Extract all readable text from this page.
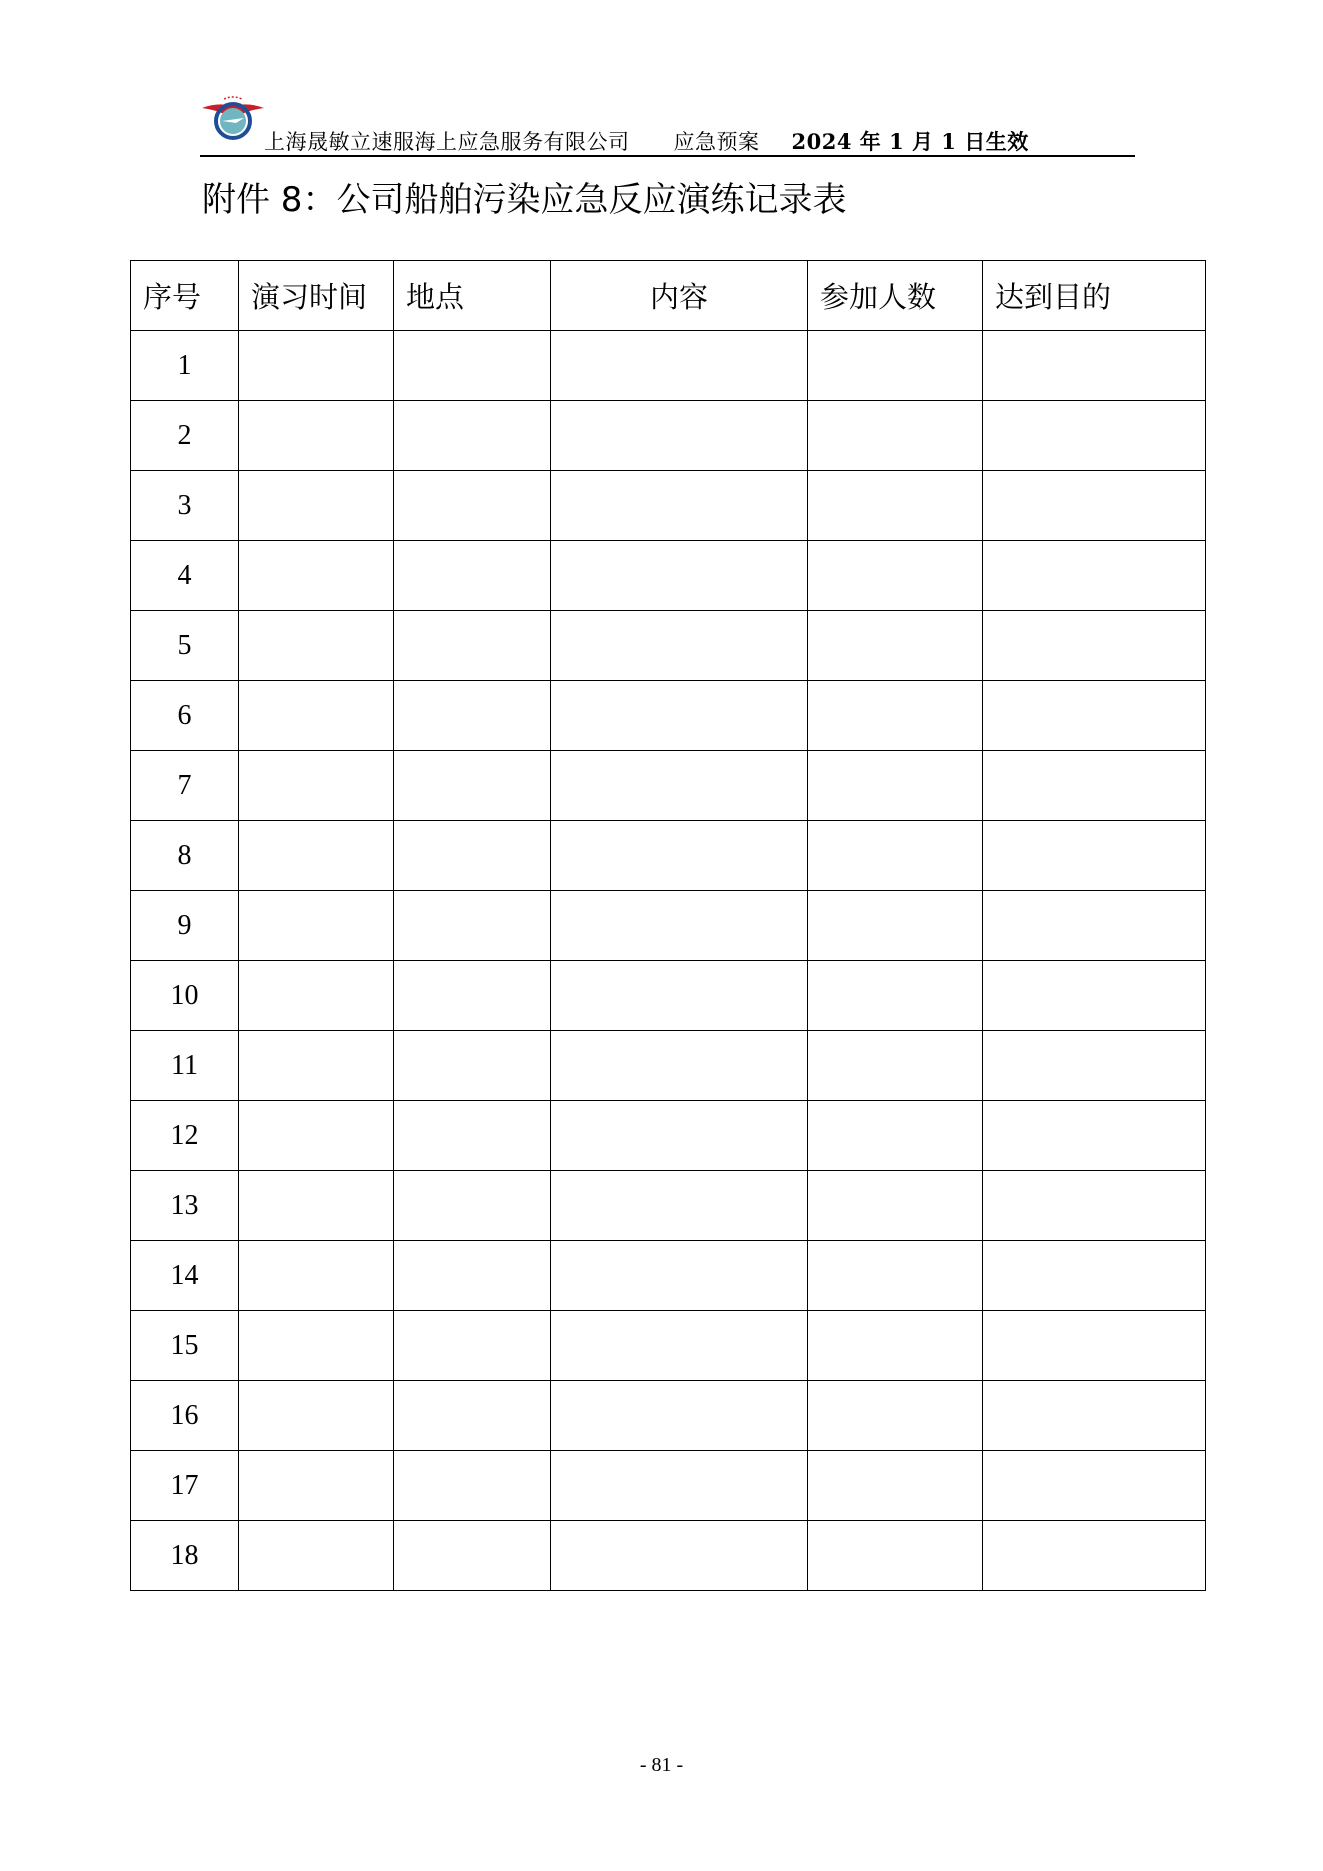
上海晟敏立速服海上应急服务有限公司 应急预案 2024 年 1 月 1 日生效
附件 8：公司船舶污染应急反应演练记录表
序号	演习时间	地点	内容	参加人数	达到目的
1					
2					
3					
4					
5					
6					
7					
8					
9					
10					
11					
12					
13					
14					
15					
16					
17					
18					
- 81 -
